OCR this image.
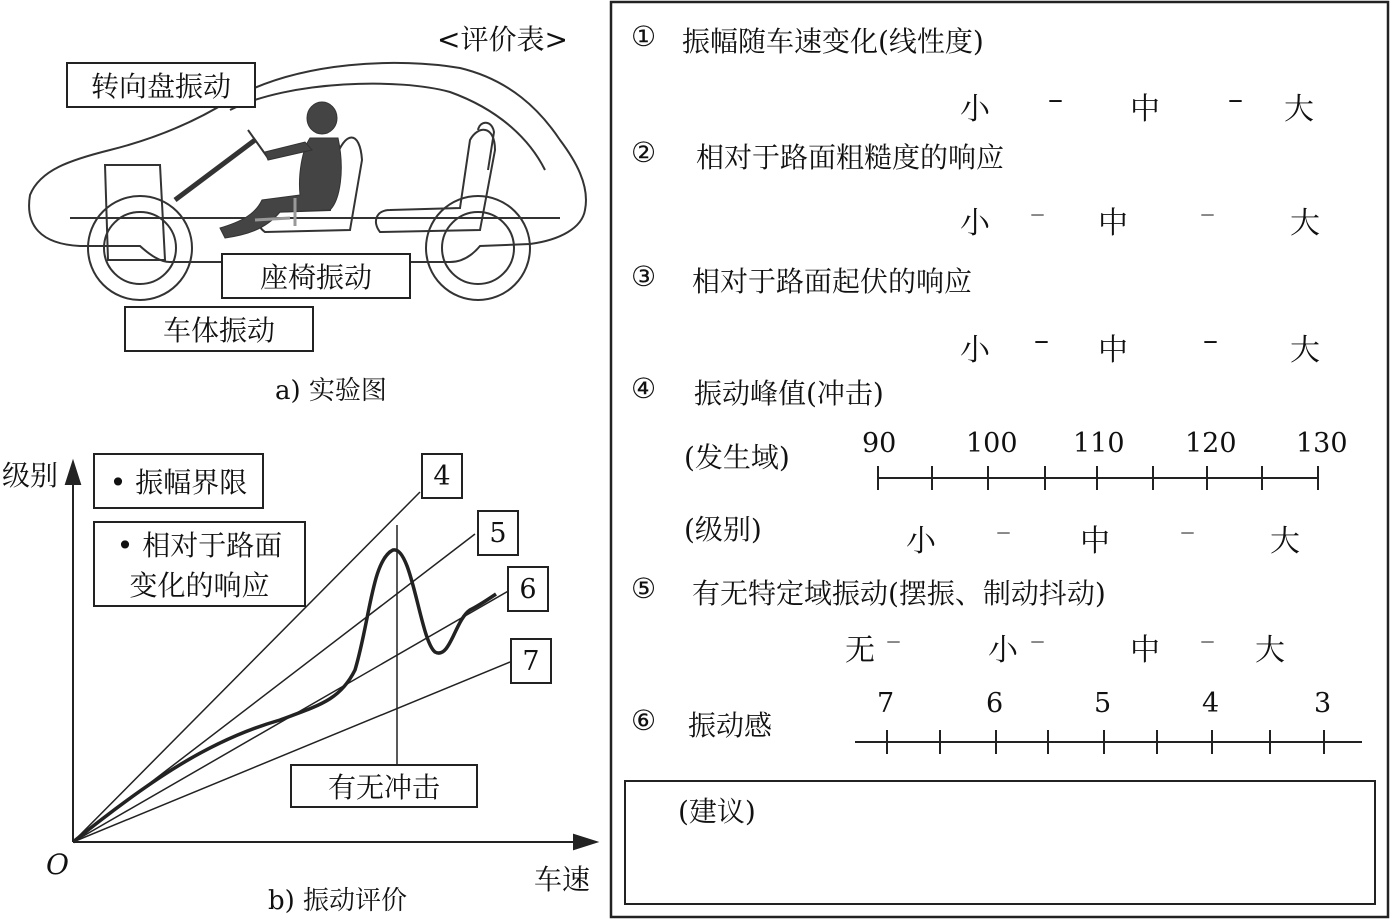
<评价表>
转向盘振动
座椅振动
车体振动
a) 实验图
级别
车速
O
• 振幅界限
• 相对于路面
变化的响应
4
5
6
7
有无冲击
b) 振动评价
① 振幅随车速变化(线性度)
小 – 中 – 大
② 相对于路面粗糙度的响应
小 – 中 –	大
③ 相对于路面起伏的响应
小 – 中	– 大
④ 振动峰值(冲击)
(发生域)	90	100 110 120 130
(级别)	小 – 中 –	大
⑤ 有无特定域振动(摆振、制动抖动)
无 –	小 –	中 – 大
⑥ 振动感
7	6	5	4	3
(建议)
